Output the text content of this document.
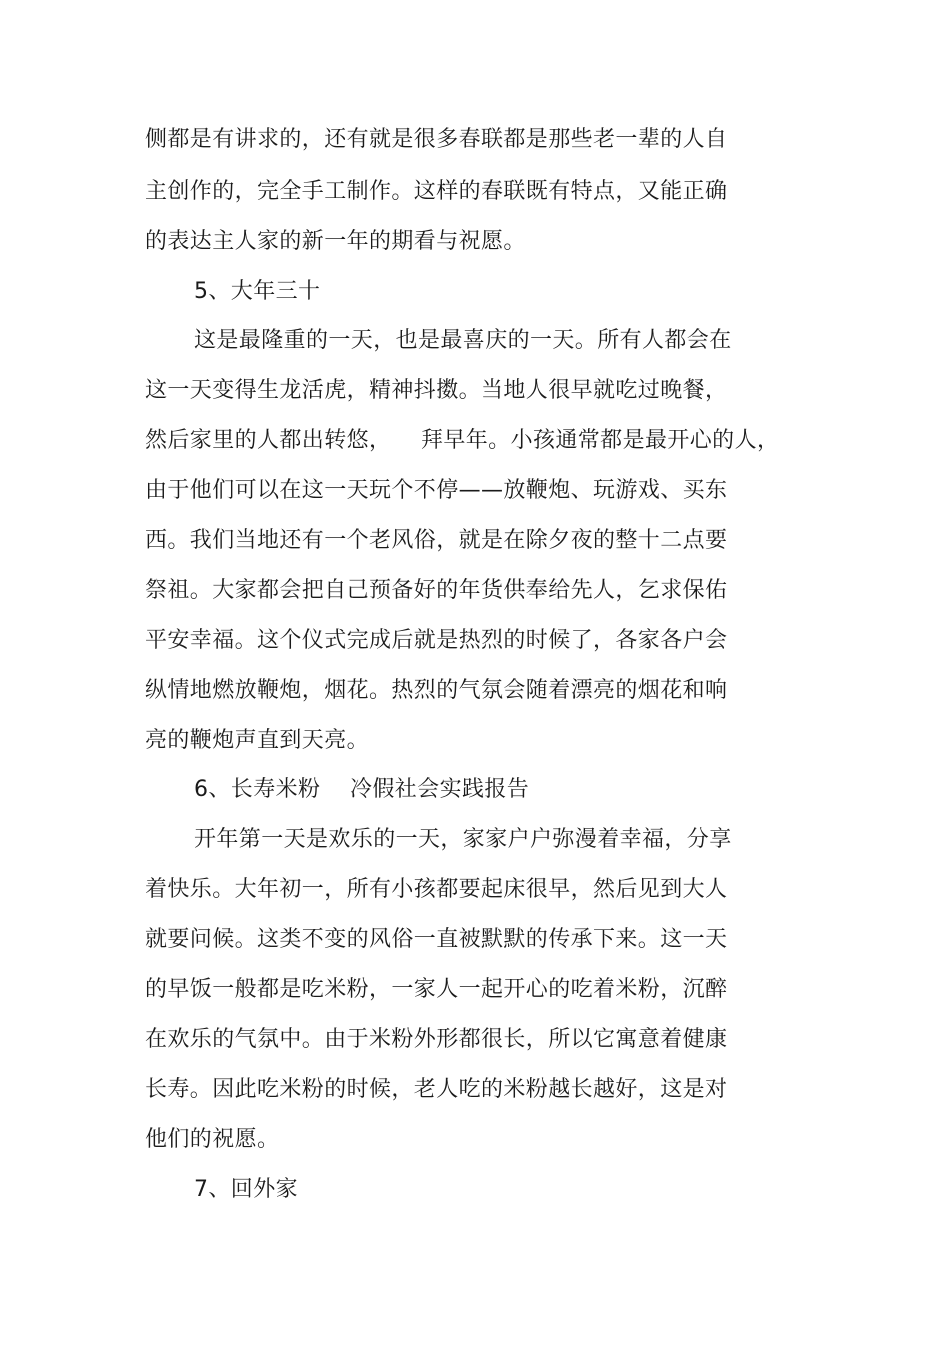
侧都是有讲求的，还有就是很多春联都是那些老一辈的人自

主创作的，完全手工制作。这样的春联既有特点，又能正确

的表达主人家的新一年的期看与祝愿。

5、大年三十

这是最隆重的一天，也是最喜庆的一天。所有人都会在

这一天变得生龙活虎，精神抖擞。当地人很早就吃过晚餐，

然后家里的人都出转悠，    拜早年。小孩通常都是最开心的人，

由于他们可以在这一天玩个不停——放鞭炮、玩游戏、买东

西。我们当地还有一个老风俗，就是在除夕夜的整十二点要

祭祖。大家都会把自己预备好的年货供奉给先人，乞求保佑

平安幸福。这个仪式完成后就是热烈的时候了，各家各户会

纵情地燃放鞭炮，烟花。热烈的气氛会随着漂亮的烟花和响

亮的鞭炮声直到天亮。

6、长寿米粉    冷假社会实践报告

开年第一天是欢乐的一天，家家户户弥漫着幸福，分享

着快乐。大年初一，所有小孩都要起床很早，然后见到大人

就要问候。这类不变的风俗一直被默默的传承下来。这一天

的早饭一般都是吃米粉，一家人一起开心的吃着米粉，沉醉

在欢乐的气氛中。由于米粉外形都很长，所以它寓意着健康

长寿。因此吃米粉的时候，老人吃的米粉越长越好，这是对

他们的祝愿。

7、回外家
